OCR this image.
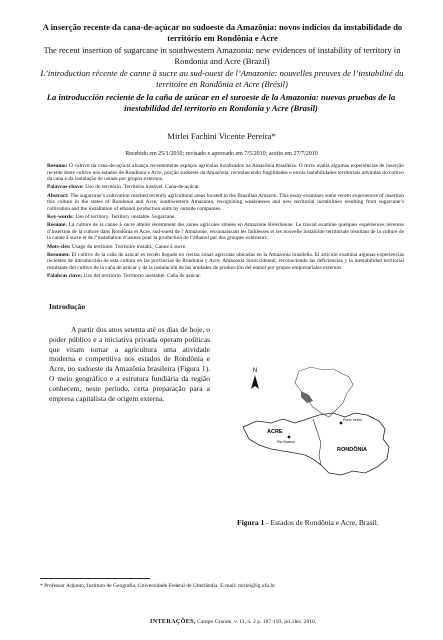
A inserção recente da cana-de-açúcar no sudoeste da Amazônia: novos indícios da instabilidade do território em Rondônia e Acre
The recent insertion of sugarcane in southwestern Amazonia: new evidences of instability of territory in Rondonia and Acre (Brazil)
L’introduction récente de canne à sucre au sud-ouest de l’Amazonie: nouvelles preuves de l’instabilité du territoire en Rondônia et Acre (Brésil)
La introducción reciente de la caña de azúcar en el suroeste de la Amazonia: nuevas pruebas de la inestabilidad del territorio en Rondonia y Acre (Brasil)
Mirlei Fachini Vicente Pereira*
Recebido em 25/1/2010; revisado e aprovado em 7/5/2010; aceito em 27/7/2010

Resumo: O cultivo da cana-de-açúcar alcança recentemente espaços agrícolas localizados na Amazônia brasileira. O texto avalia algumas experiências de inserção recente deste cultivo nos estados de Rondônia e Acre, porção sudoeste da Amazônia, reconhecendo fragilidades e novas instabilidades territoriais advindas do cultivo da cana e da instalação de usinas por grupos externos.

Palavras-chave: Uso do território. Território instável. Cana-de-açúcar.

Abstract: The sugarcane’s cultivation reached recently agricultural areas located in the Brazilian Amazon. This essay examines some recent experiences of insertion this culture in the states of Rondonia and Acre, southwestern Amazonia, recognizing weaknesses and new territorial instabilities resulting from sugarcane’s cultivation and the installation of ethanol production units by outside companies.

Key-words: Use of territory. Territory unstable. Sugarcane.

Résumé: La culture de la canne à sucre atteint récemment des zones agricoles situées en Amazonie Brésilienne. Le travail examine quelques expériences récentes d’insertion de la culture dans Rondônia et Acre, sud-ouest de l’Amazonie, reconnaissant les faiblesses et les nouvelle instabilité territoriale résultant de la culture de la canne à sucre et de l’installation d’usines pour la production de l’éthanol par des groupes extérieurs.

Mots-clés: Usage du territoire. Territoire instabl., Canne à sucre.

Resumen: El cultivo de la caña de azúcar es recién llegado en ciertas zonas agrícolas ubicadas en la Amazonia brasileña. El artículo examina algunas experiencias recientes de introducción de esta cultura en las provincias de Rondonia y Acre, Amazonia Suroccidental, reconociendo las deficiencias y la inestabilidad territorial resultante del cultivo de la caña de azúcar y de la instalación de las unidades de producción del etanol por grupos empresariales externos.

Palabras clave: Uso del territorio. Territorio inestable. Caña de azúcar.

Introdução

A partir dos anos setenta até os dias de hoje, o poder público e a iniciativa privada operam políticas que visam tornar a agricultura uma atividade moderna e competitiva nos estados de Rondônia e Acre, no sudoeste da Amazônia brasileira (Figura 1). O meio geográfico e a estrutura fundiária da região conhecem, neste período, certa preparação para a empresa capitalista de origem externa.

N
ACRE
RONDÔNIA
Rio Branco
Porto Velho
Figura 1 - Estados de Rondônia e Acre, Brasil.
* Professor Adjunto, Instituto de Geografia, Universidade Federal de Uberlândia. E-mail: mirlei@ig.ufu.br
INTERAÇÕES, Campo Grande, v. 11, n. 2 p. 187-193, jul./dez. 2010.
